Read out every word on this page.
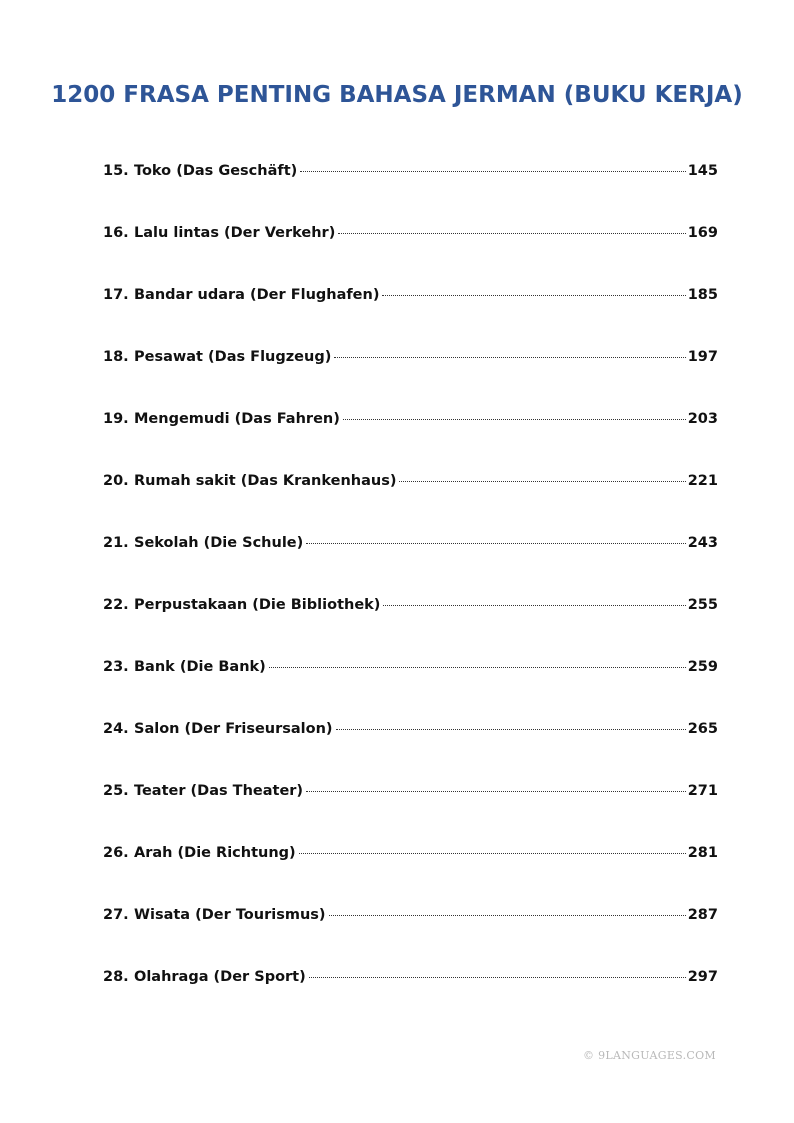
1200 FRASA PENTING BAHASA JERMAN (BUKU KERJA)
15. Toko (Das Geschäft)	145
16. Lalu lintas (Der Verkehr)	169
17. Bandar udara (Der Flughafen)	185
18. Pesawat (Das Flugzeug)	197
19. Mengemudi (Das Fahren)	203
20. Rumah sakit (Das Krankenhaus)	221
21. Sekolah (Die Schule)	243
22. Perpustakaan (Die Bibliothek)	255
23. Bank (Die Bank)	259
24. Salon (Der Friseursalon)	265
25. Teater (Das Theater)	271
26. Arah (Die Richtung)	281
27. Wisata (Der Tourismus)	287
28. Olahraga (Der Sport)	297
© 9LANGUAGES.COM
